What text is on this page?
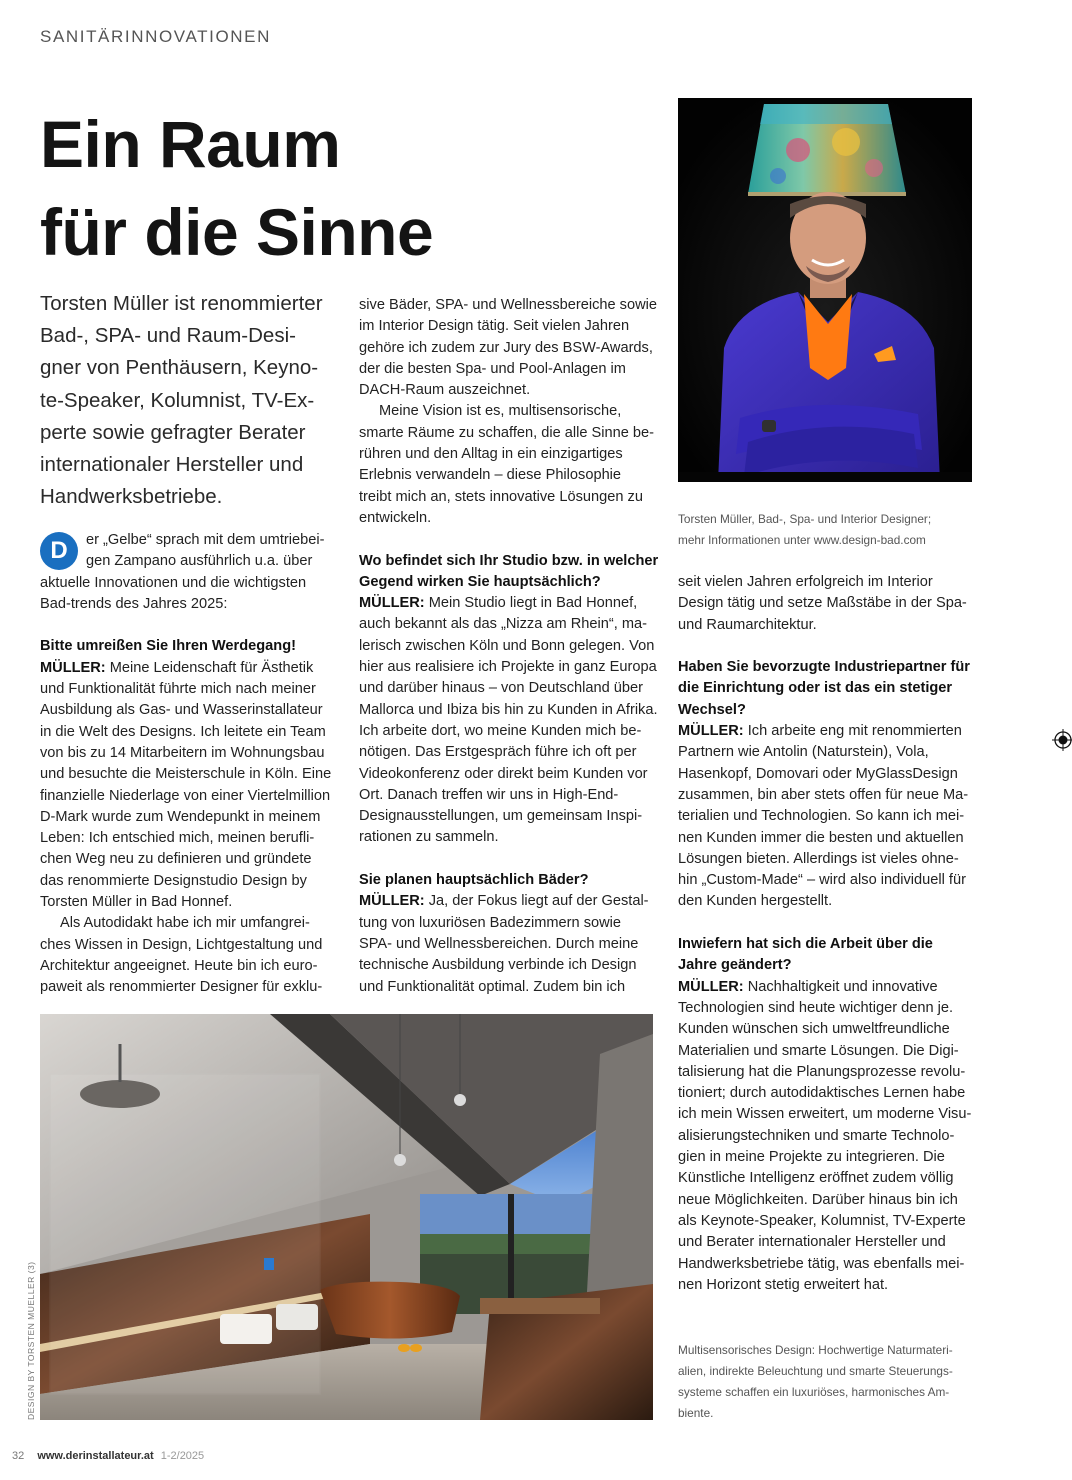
SANITÄRINNOVATIONEN
Ein Raum
für die Sinne
Torsten Müller ist renommierter
Bad-, SPA- und Raum-Desi-
gner von Penthäusern, Keyno-
te-Speaker, Kolumnist, TV-Ex-
perte sowie gefragter Berater
internationaler Hersteller und
Handwerksbetriebe.
D	er „Gelbe“ sprach mit dem umtriebei-
gen Zampano ausführlich u.a. über
aktuelle Innovationen und die wichtigsten
Bad-trends des Jahres 2025:
Bitte umreißen Sie Ihren Werdegang!
MÜLLER: Meine Leidenschaft für Ästhetik
und Funktionalität führte mich nach meiner
Ausbildung als Gas- und Wasserinstallateur
in die Welt des Designs. Ich leitete ein Team
von bis zu 14 Mitarbeitern im Wohnungsbau
und besuchte die Meisterschule in Köln. Eine
finanzielle Niederlage von einer Viertelmillion
D-Mark wurde zum Wendepunkt in meinem
Leben: Ich entschied mich, meinen berufli-
chen Weg neu zu definieren und gründete
das renommierte Designstudio Design by
Torsten Müller in Bad Honnef.
Als Autodidakt habe ich mir umfangrei-
ches Wissen in Design, Lichtgestaltung und
Architektur angeeignet. Heute bin ich euro-
paweit als renommierter Designer für exklu-
sive Bäder, SPA- und Wellnessbereiche sowie
im Interior Design tätig. Seit vielen Jahren
gehöre ich zudem zur Jury des BSW-Awards,
der die besten Spa- und Pool-Anlagen im
DACH-Raum auszeichnet.
Meine Vision ist es, multisensorische,
smarte Räume zu schaffen, die alle Sinne be-
rühren und den Alltag in ein einzigartiges
Erlebnis verwandeln – diese Philosophie
treibt mich an, stets innovative Lösungen zu
entwickeln.
Wo befindet sich Ihr Studio bzw. in welcher
Gegend wirken Sie hauptsächlich?
MÜLLER: Mein Studio liegt in Bad Honnef,
auch bekannt als das „Nizza am Rhein“, ma-
lerisch zwischen Köln und Bonn gelegen. Von
hier aus realisiere ich Projekte in ganz Europa
und darüber hinaus – von Deutschland über
Mallorca und Ibiza bis hin zu Kunden in Afrika.
Ich arbeite dort, wo meine Kunden mich be-
nötigen. Das Erstgespräch führe ich oft per
Videokonferenz oder direkt beim Kunden vor
Ort. Danach treffen wir uns in High-End-
Designausstellungen, um gemeinsam Inspi-
rationen zu sammeln.
Sie planen hauptsächlich Bäder?
MÜLLER: Ja, der Fokus liegt auf der Gestal-
tung von luxuriösen Badezimmern sowie
SPA- und Wellnessbereichen. Durch meine
technische Ausbildung verbinde ich Design
und Funktionalität optimal. Zudem bin ich
Torsten Müller, Bad-, Spa- und Interior Designer;
mehr Informationen unter www.design-bad.com
seit vielen Jahren erfolgreich im Interior
Design tätig und setze Maßstäbe in der Spa-
und Raumarchitektur.
Haben Sie bevorzugte Industriepartner für
die Einrichtung oder ist das ein stetiger
Wechsel?
MÜLLER: Ich arbeite eng mit renommierten
Partnern wie Antolin (Naturstein), Vola,
Hasenkopf, Domovari oder MyGlassDesign
zusammen, bin aber stets offen für neue Ma-
terialien und Technologien. So kann ich mei-
nen Kunden immer die besten und aktuellen
Lösungen bieten. Allerdings ist vieles ohne-
hin „Custom-Made“ – wird also individuell für
den Kunden hergestellt.
Inwiefern hat sich die Arbeit über die
Jahre geändert?
MÜLLER: Nachhaltigkeit und innovative
Technologien sind heute wichtiger denn je.
Kunden wünschen sich umweltfreundliche
Materialien und smarte Lösungen. Die Digi-
talisierung hat die Planungsprozesse revolu-
tioniert; durch autodidaktisches Lernen habe
ich mein Wissen erweitert, um moderne Visu-
alisierungstechniken und smarte Technolo-
gien in meine Projekte zu integrieren. Die
Künstliche Intelligenz eröffnet zudem völlig
neue Möglichkeiten. Darüber hinaus bin ich
als Keynote-Speaker, Kolumnist, TV-Experte
und Berater internationaler Hersteller und
Handwerksbetriebe tätig, was ebenfalls mei-
nen Horizont stetig erweitert hat.
Multisensorisches Design: Hochwertige Naturmateri-
alien, indirekte Beleuchtung und smarte Steuerungs-
systeme schaffen ein luxuriöses, harmonisches Am-
biente.
DESIGN BY TORSTEN MUELLER (3)
32 www.derinstallateur.at 1-2/2025
